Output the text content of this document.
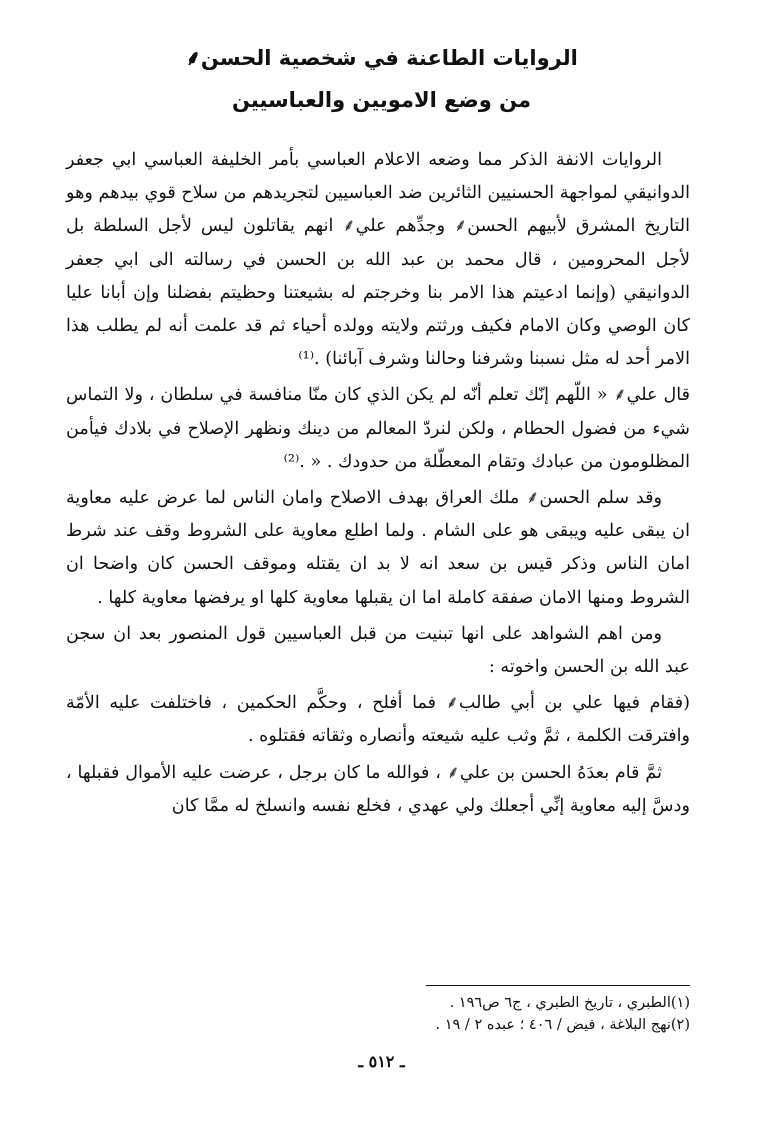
الروايات الطاعنة في شخصية الحسن⸙
من وضع الامويين والعباسيين

الروايات الانفة الذكر مما وضعه الاعلام العباسي بأمر الخليفة العباسي ابي جعفر الدوانيقي لمواجهة الحسنيين الثائرين ضد العباسيين لتجريدهم من سلاح قوي بيدهم وهو التاريخ المشرق لأبيهم الحسن⸙ وجدِّهم علي⸙ انهم يقاتلون ليس لأجل السلطة بل لأجل المحرومين ، قال محمد بن عبد الله بن الحسن في رسالته الى ابي جعفر الدوانيقي (وإنما ادعيتم هذا الامر بنا وخرجتم له بشيعتنا وحظيتم بفضلنا وإن أبانا عليا كان الوصي وكان الامام فكيف ورثتم ولايته وولده أحياء ثم قد علمت أنه لم يطلب هذا الامر أحد له مثل نسبنا وشرفنا وحالنا وشرف آبائنا) .⁽¹⁾

قال علي⸙ « اللّهم إنّك تعلم أنّه لم يكن الذي كان منّا منافسة في سلطان ، ولا التماس شيء من فضول الحطام ، ولكن لنردّ المعالم من دينك ونظهر الإصلاح في بلادك فيأمن المظلومون من عبادك وتقام المعطّلة من حدودك . « .⁽²⁾

وقد سلم الحسن⸙ ملك العراق بهدف الاصلاح وامان الناس لما عرض عليه معاوية ان يبقى عليه ويبقى هو على الشام . ولما اطلع معاوية على الشروط وقف عند شرط امان الناس وذكر قيس بن سعد انه لا بد ان يقتله وموقف الحسن كان واضحا ان الشروط ومنها الامان صفقة كاملة اما ان يقبلها معاوية كلها او يرفضها معاوية كلها .

ومن اهم الشواهد على انها تبنيت من قبل العباسيين قول المنصور بعد ان سجن عبد الله بن الحسن واخوته :

(فقام فيها علي بن أبي طالب⸙ فما أفلح ، وحكَّم الحكمين ، فاختلفت عليه الأمّة وافترقت الكلمة ، ثمَّ وثب عليه شيعته وأنصاره وثقاته فقتلوه .

ثمَّ قام بعدَهُ الحسن بن علي⸙ ، فوالله ما كان برجل ، عرضت عليه الأموال فقبلها ، ودسَّ إليه معاوية إنِّي أجعلك ولي عهدي ، فخلع نفسه وانسلخ له ممَّا كان

(١)الطبري ، تاريخ الطبري ، ج٦ ص١٩٦ .
(٢)نهج البلاغة ، فيض / ٤٠٦ ؛ عبده ٢ / ١٩ .
ـ ٥١٢ ـ
